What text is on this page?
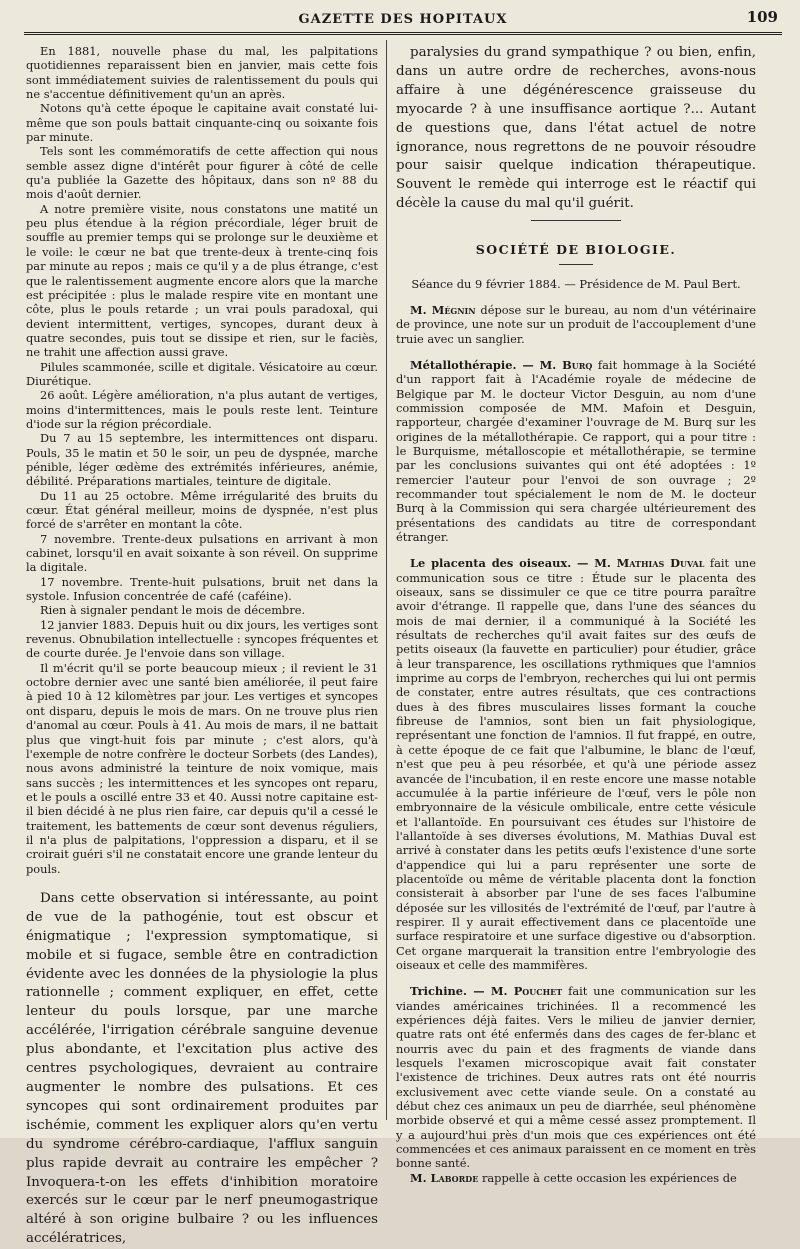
GAZETTE DES HOPITAUX	109

En 1881, nouvelle phase du mal, les palpitations quotidiennes reparaissent bien en janvier, mais cette fois sont immédiatement suivies de ralentissement du pouls qui ne s'accentue définitivement qu'un an après.

Notons qu'à cette époque le capitaine avait constaté lui-même que son pouls battait cinquante-cinq ou soixante fois par minute.

Tels sont les commémoratifs de cette affection qui nous semble assez digne d'intérêt pour figurer à côté de celle qu'a publiée la Gazette des hôpitaux, dans son nº 88 du mois d'août dernier.

A notre première visite, nous constatons une matité un peu plus étendue à la région précordiale, léger bruit de souffle au premier temps qui se prolonge sur le deuxième et le voile: le cœur ne bat que trente-deux à trente-cinq fois par minute au repos ; mais ce qu'il y a de plus étrange, c'est que le ralentissement augmente encore alors que la marche est précipitée : plus le malade respire vite en montant une côte, plus le pouls retarde ; un vrai pouls paradoxal, qui devient intermittent, vertiges, syncopes, durant deux à quatre secondes, puis tout se dissipe et rien, sur le faciès, ne trahit une affection aussi grave.

Pilules scammonée, scille et digitale. Vésicatoire au cœur. Diurétique.

26 août. Légère amélioration, n'a plus autant de vertiges, moins d'intermittences, mais le pouls reste lent. Teinture d'iode sur la région précordiale.

Du 7 au 15 septembre, les intermittences ont disparu. Pouls, 35 le matin et 50 le soir, un peu de dyspnée, marche pénible, léger œdème des extrémités inférieures, anémie, débilité. Préparations martiales, teinture de digitale.

Du 11 au 25 octobre. Même irrégularité des bruits du cœur. État général meilleur, moins de dyspnée, n'est plus forcé de s'arrêter en montant la côte.

7 novembre. Trente-deux pulsations en arrivant à mon cabinet, lorsqu'il en avait soixante à son réveil. On supprime la digitale.

17 novembre. Trente-huit pulsations, bruit net dans la systole. Infusion concentrée de café (caféine).

Rien à signaler pendant le mois de décembre.

12 janvier 1883. Depuis huit ou dix jours, les vertiges sont revenus. Obnubilation intellectuelle : syncopes fréquentes et de courte durée. Je l'envoie dans son village.

Il m'écrit qu'il se porte beaucoup mieux ; il revient le 31 octobre dernier avec une santé bien améliorée, il peut faire à pied 10 à 12 kilomètres par jour. Les vertiges et syncopes ont disparu, depuis le mois de mars. On ne trouve plus rien d'anomal au cœur. Pouls à 41. Au mois de mars, il ne battait plus que vingt-huit fois par minute ; c'est alors, qu'à l'exemple de notre confrère le docteur Sorbets (des Landes), nous avons administré la teinture de noix vomique, mais sans succès ; les intermittences et les syncopes ont reparu, et le pouls a oscillé entre 33 et 40. Aussi notre capitaine est-il bien décidé à ne plus rien faire, car depuis qu'il a cessé le traitement, les battements de cœur sont devenus réguliers, il n'a plus de palpitations, l'oppression a disparu, et il se croirait guéri s'il ne constatait encore une grande lenteur du pouls.

Dans cette observation si intéressante, au point de vue de la pathogénie, tout est obscur et énigmatique ; l'expression symptomatique, si mobile et si fugace, semble être en contradiction évidente avec les données de la physiologie la plus rationnelle ; comment expliquer, en effet, cette lenteur du pouls lorsque, par une marche accélérée, l'irrigation cérébrale sanguine devenue plus abondante, et l'excitation plus active des centres psychologiques, devraient au contraire augmenter le nombre des pulsations. Et ces syncopes qui sont ordinairement produites par ischémie, comment les expliquer alors qu'en vertu du syndrome cérébro-cardiaque, l'afflux sanguin plus rapide devrait au contraire les empêcher ? Invoquera-t-on les effets d'inhibition moratoire exercés sur le cœur par le nerf pneumogastrique altéré à son origine bulbaire ? ou les influences accélératrices,

paralysies du grand sympathique ? ou bien, enfin, dans un autre ordre de recherches, avons-nous affaire à une dégénérescence graisseuse du myocarde ? à une insuffisance aortique ?... Autant de questions que, dans l'état actuel de notre ignorance, nous regrettons de ne pouvoir résoudre pour saisir quelque indication thérapeutique. Souvent le remède qui interroge est le réactif qui décèle la cause du mal qu'il guérit.

SOCIÉTÉ DE BIOLOGIE.

Séance du 9 février 1884. — Présidence de M. Paul Bert.

M. Mégnin dépose sur le bureau, au nom d'un vétérinaire de province, une note sur un produit de l'accouplement d'une truie avec un sanglier.

Métallothérapie. — M. Burq fait hommage à la Société d'un rapport fait à l'Académie royale de médecine de Belgique par M. le docteur Victor Desguin, au nom d'une commission composée de MM. Mafoin et Desguin, rapporteur, chargée d'examiner l'ouvrage de M. Burq sur les origines de la métallothérapie. Ce rapport, qui a pour titre : le Burquisme, métalloscopie et métallothérapie, se termine par les conclusions suivantes qui ont été adoptées : 1º remercier l'auteur pour l'envoi de son ouvrage ; 2º recommander tout spécialement le nom de M. le docteur Burq à la Commission qui sera chargée ultérieurement des présentations des candidats au titre de correspondant étranger.

Le placenta des oiseaux. — M. Mathias Duval fait une communication sous ce titre : Étude sur le placenta des oiseaux, sans se dissimuler ce que ce titre pourra paraître avoir d'étrange. Il rappelle que, dans l'une des séances du mois de mai dernier, il a communiqué à la Société les résultats de recherches qu'il avait faites sur des œufs de petits oiseaux (la fauvette en particulier) pour étudier, grâce à leur transparence, les oscillations rythmiques que l'amnios imprime au corps de l'embryon, recherches qui lui ont permis de constater, entre autres résultats, que ces contractions dues à des fibres musculaires lisses formant la couche fibreuse de l'amnios, sont bien un fait physiologique, représentant une fonction de l'amnios. Il fut frappé, en outre, à cette époque de ce fait que l'albumine, le blanc de l'œuf, n'est que peu à peu résorbée, et qu'à une période assez avancée de l'incubation, il en reste encore une masse notable accumulée à la partie inférieure de l'œuf, vers le pôle non embryonnaire de la vésicule ombilicale, entre cette vésicule et l'allantoïde. En poursuivant ces études sur l'histoire de l'allantoïde à ses diverses évolutions, M. Mathias Duval est arrivé à constater dans les petits œufs l'existence d'une sorte d'appendice qui lui a paru représenter une sorte de placentoïde ou même de véritable placenta dont la fonction consisterait à absorber par l'une de ses faces l'albumine déposée sur les villosités de l'extrémité de l'œuf, par l'autre à respirer. Il y aurait effectivement dans ce placentoïde une surface respiratoire et une surface digestive ou d'absorption. Cet organe marquerait la transition entre l'embryologie des oiseaux et celle des mammifères.

Trichine. — M. Pouchet fait une communication sur les viandes américaines trichinées. Il a recommencé les expériences déjà faites. Vers le milieu de janvier dernier, quatre rats ont été enfermés dans des cages de fer-blanc et nourris avec du pain et des fragments de viande dans lesquels l'examen microscopique avait fait constater l'existence de trichines. Deux autres rats ont été nourris exclusivement avec cette viande seule. On a constaté au début chez ces animaux un peu de diarrhée, seul phénomène morbide observé et qui a même cessé assez promptement. Il y a aujourd'hui près d'un mois que ces expériences ont été commencées et ces animaux paraissent en ce moment en très bonne santé.

M. Laborde rappelle à cette occasion les expériences de
